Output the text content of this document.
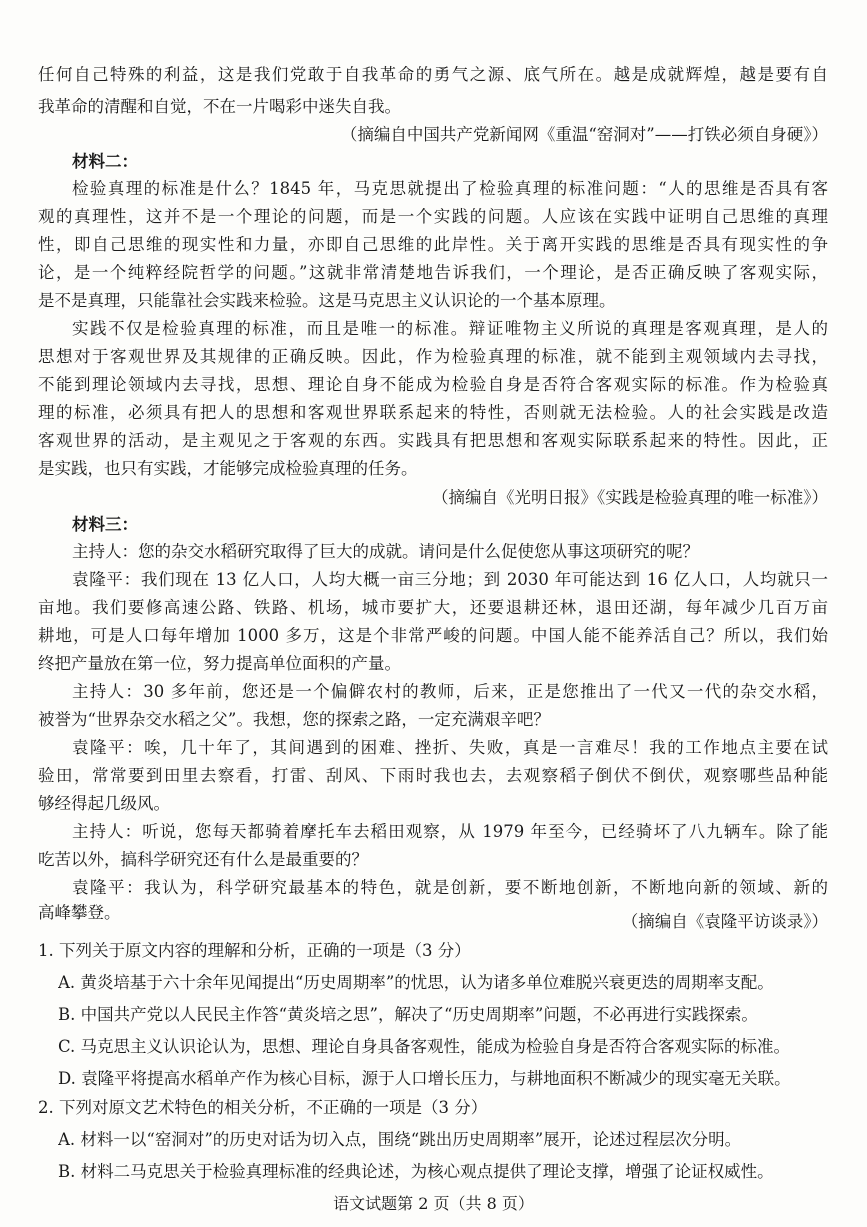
任何自己特殊的利益，这是我们党敢于自我革命的勇气之源、底气所在。越是成就辉煌，越是要有自
我革命的清醒和自觉，不在一片喝彩中迷失自我。
（摘编自中国共产党新闻网《重温“窑洞对”——打铁必须自身硬》）
材料二：
检验真理的标准是什么？1845 年，马克思就提出了检验真理的标准问题：“人的思维是否具有客
观的真理性，这并不是一个理论的问题，而是一个实践的问题。人应该在实践中证明自己思维的真理
性，即自己思维的现实性和力量，亦即自己思维的此岸性。关于离开实践的思维是否具有现实性的争
论，是一个纯粹经院哲学的问题。”这就非常清楚地告诉我们，一个理论，是否正确反映了客观实际，
是不是真理，只能靠社会实践来检验。这是马克思主义认识论的一个基本原理。
实践不仅是检验真理的标准，而且是唯一的标准。辩证唯物主义所说的真理是客观真理，是人的
思想对于客观世界及其规律的正确反映。因此，作为检验真理的标准，就不能到主观领域内去寻找，
不能到理论领域内去寻找，思想、理论自身不能成为检验自身是否符合客观实际的标准。作为检验真
理的标准，必须具有把人的思想和客观世界联系起来的特性，否则就无法检验。人的社会实践是改造
客观世界的活动，是主观见之于客观的东西。实践具有把思想和客观实际联系起来的特性。因此，正
是实践，也只有实践，才能够完成检验真理的任务。
（摘编自《光明日报》《实践是检验真理的唯一标准》）
材料三：
主持人：您的杂交水稻研究取得了巨大的成就。请问是什么促使您从事这项研究的呢？
袁隆平：我们现在 13 亿人口，人均大概一亩三分地；到 2030 年可能达到 16 亿人口，人均就只一
亩地。我们要修高速公路、铁路、机场，城市要扩大，还要退耕还林，退田还湖，每年减少几百万亩
耕地，可是人口每年增加 1000 多万，这是个非常严峻的问题。中国人能不能养活自己？所以，我们始
终把产量放在第一位，努力提高单位面积的产量。
主持人：30 多年前，您还是一个偏僻农村的教师，后来，正是您推出了一代又一代的杂交水稻，
被誉为“世界杂交水稻之父”。我想，您的探索之路，一定充满艰辛吧？
袁隆平：唉，几十年了，其间遇到的困难、挫折、失败，真是一言难尽！我的工作地点主要在试
验田，常常要到田里去察看，打雷、刮风、下雨时我也去，去观察稻子倒伏不倒伏，观察哪些品种能
够经得起几级风。
主持人：听说，您每天都骑着摩托车去稻田观察，从 1979 年至今，已经骑坏了八九辆车。除了能
吃苦以外，搞科学研究还有什么是最重要的？
袁隆平：我认为，科学研究最基本的特色，就是创新，要不断地创新，不断地向新的领域、新的
高峰攀登。	（摘编自《袁隆平访谈录》）
1. 下列关于原文内容的理解和分析，正确的一项是（3 分）
A. 黄炎培基于六十余年见闻提出“历史周期率”的忧思，认为诸多单位难脱兴衰更迭的周期率支配。
B. 中国共产党以人民民主作答“黄炎培之思”，解决了“历史周期率”问题，不必再进行实践探索。
C. 马克思主义认识论认为，思想、理论自身具备客观性，能成为检验自身是否符合客观实际的标准。
D. 袁隆平将提高水稻单产作为核心目标，源于人口增长压力，与耕地面积不断减少的现实毫无关联。
2. 下列对原文艺术特色的相关分析，不正确的一项是（3 分）
A. 材料一以“窑洞对”的历史对话为切入点，围绕“跳出历史周期率”展开，论述过程层次分明。
B. 材料二马克思关于检验真理标准的经典论述，为核心观点提供了理论支撑，增强了论证权威性。
语文试题第 2 页（共 8 页）
